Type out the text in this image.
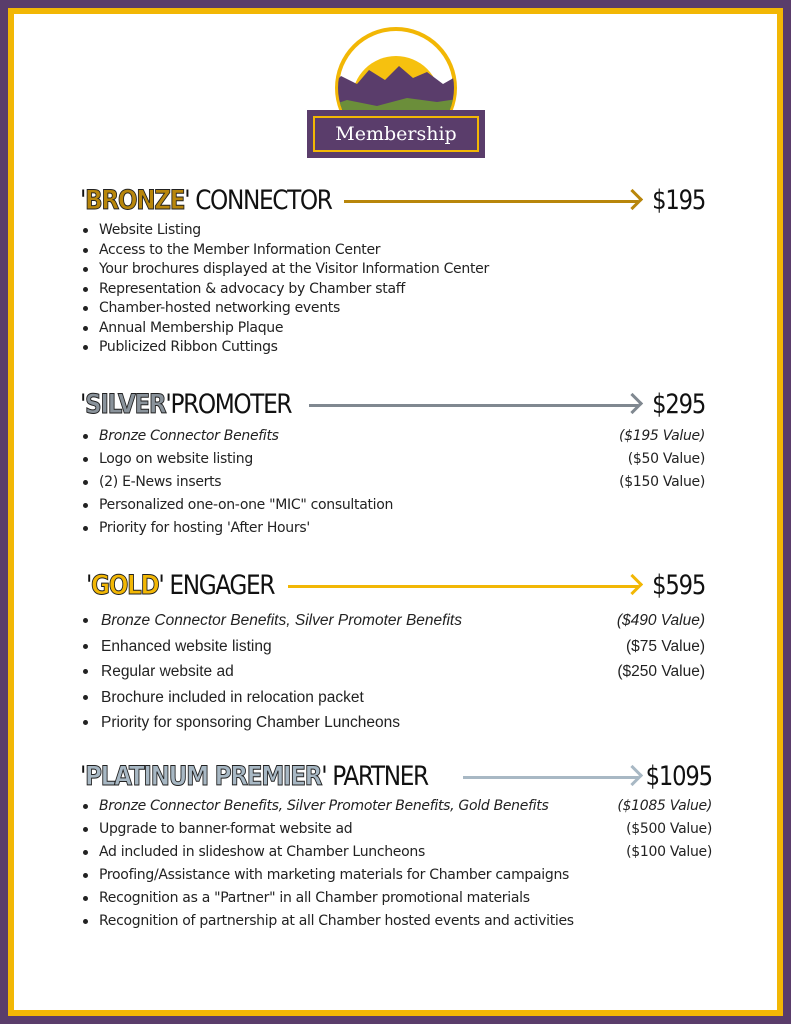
Membership
'BRONZE' CONNECTOR	$195
Website Listing
Access to the Member Information Center
Your brochures displayed at the Visitor Information Center
Representation & advocacy by Chamber staff
Chamber-hosted networking events
Annual Membership Plaque
Publicized Ribbon Cuttings
'SILVER'PROMOTER	$295
Bronze Connector Benefits	($195 Value)
Logo on website listing	($50 Value)
(2) E-News inserts	($150 Value)
Personalized one-on-one "MIC" consultation
Priority for hosting 'After Hours'
'GOLD' ENGAGER	$595
Bronze Connector Benefits, Silver Promoter Benefits	($490 Value)
Enhanced website listing	($75 Value)
Regular website ad	($250 Value)
Brochure included in relocation packet
Priority for sponsoring Chamber Luncheons
'PLATINUM PREMIER' PARTNER	$1095
Bronze Connector Benefits, Silver Promoter Benefits, Gold Benefits	($1085 Value)
Upgrade to banner-format website ad	($500 Value)
Ad included in slideshow at Chamber Luncheons	($100 Value)
Proofing/Assistance with marketing materials for Chamber campaigns
Recognition as a "Partner" in all Chamber promotional materials
Recognition of partnership at all Chamber hosted events and activities
